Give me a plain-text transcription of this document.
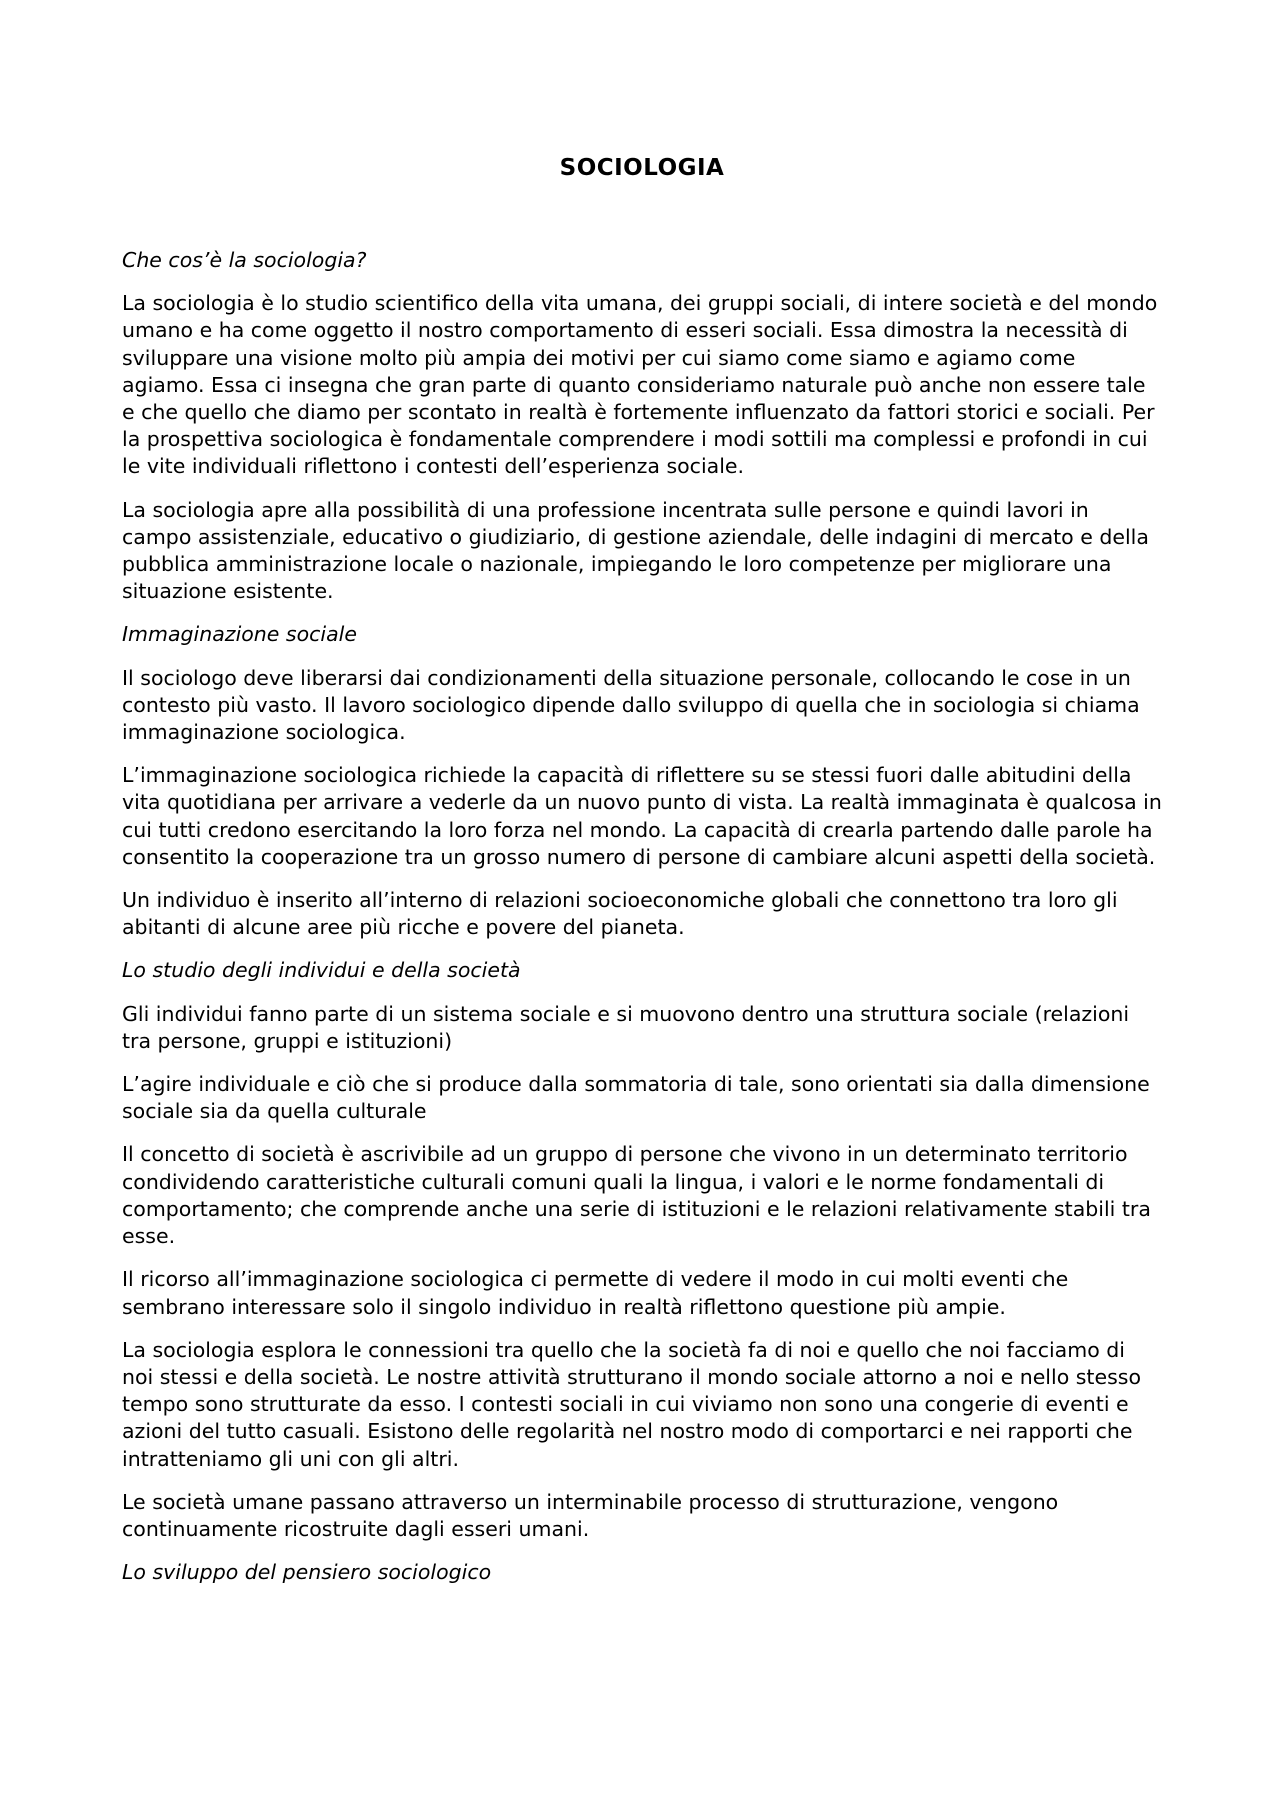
SOCIOLOGIA

Che cos’è la sociologia?

La sociologia è lo studio scientifico della vita umana, dei gruppi sociali, di intere società e del mondo umano e ha come oggetto il nostro comportamento di esseri sociali. Essa dimostra la necessità di sviluppare una visione molto più ampia dei motivi per cui siamo come siamo e agiamo come agiamo. Essa ci insegna che gran parte di quanto consideriamo naturale può anche non essere tale e che quello che diamo per scontato in realtà è fortemente influenzato da fattori storici e sociali. Per la prospettiva sociologica è fondamentale comprendere i modi sottili ma complessi e profondi in cui le vite individuali riflettono i contesti dell’esperienza sociale.

La sociologia apre alla possibilità di una professione incentrata sulle persone e quindi lavori in campo assistenziale, educativo o giudiziario, di gestione aziendale, delle indagini di mercato e della pubblica amministrazione locale o nazionale, impiegando le loro competenze per migliorare una situazione esistente.

Immaginazione sociale

Il sociologo deve liberarsi dai condizionamenti della situazione personale, collocando le cose in un contesto più vasto. Il lavoro sociologico dipende dallo sviluppo di quella che in sociologia si chiama immaginazione sociologica.

L’immaginazione sociologica richiede la capacità di riflettere su se stessi fuori dalle abitudini della vita quotidiana per arrivare a vederle da un nuovo punto di vista. La realtà immaginata è qualcosa in cui tutti credono esercitando la loro forza nel mondo. La capacità di crearla partendo dalle parole ha consentito la cooperazione tra un grosso numero di persone di cambiare alcuni aspetti della società.

Un individuo è inserito all’interno di relazioni socioeconomiche globali che connettono tra loro gli abitanti di alcune aree più ricche e povere del pianeta.

Lo studio degli individui e della società

Gli individui fanno parte di un sistema sociale e si muovono dentro una struttura sociale (relazioni tra persone, gruppi e istituzioni)

L’agire individuale e ciò che si produce dalla sommatoria di tale, sono orientati sia dalla dimensione sociale sia da quella culturale

Il concetto di società è ascrivibile ad un gruppo di persone che vivono in un determinato territorio condividendo caratteristiche culturali comuni quali la lingua, i valori e le norme fondamentali di comportamento; che comprende anche una serie di istituzioni e le relazioni relativamente stabili tra esse.

Il ricorso all’immaginazione sociologica ci permette di vedere il modo in cui molti eventi che sembrano interessare solo il singolo individuo in realtà riflettono questione più ampie.

La sociologia esplora le connessioni tra quello che la società fa di noi e quello che noi facciamo di noi stessi e della società. Le nostre attività strutturano il mondo sociale attorno a noi e nello stesso tempo sono strutturate da esso. I contesti sociali in cui viviamo non sono una congerie di eventi e azioni del tutto casuali. Esistono delle regolarità nel nostro modo di comportarci e nei rapporti che intratteniamo gli uni con gli altri.

Le società umane passano attraverso un interminabile processo di strutturazione, vengono continuamente ricostruite dagli esseri umani.

Lo sviluppo del pensiero sociologico
